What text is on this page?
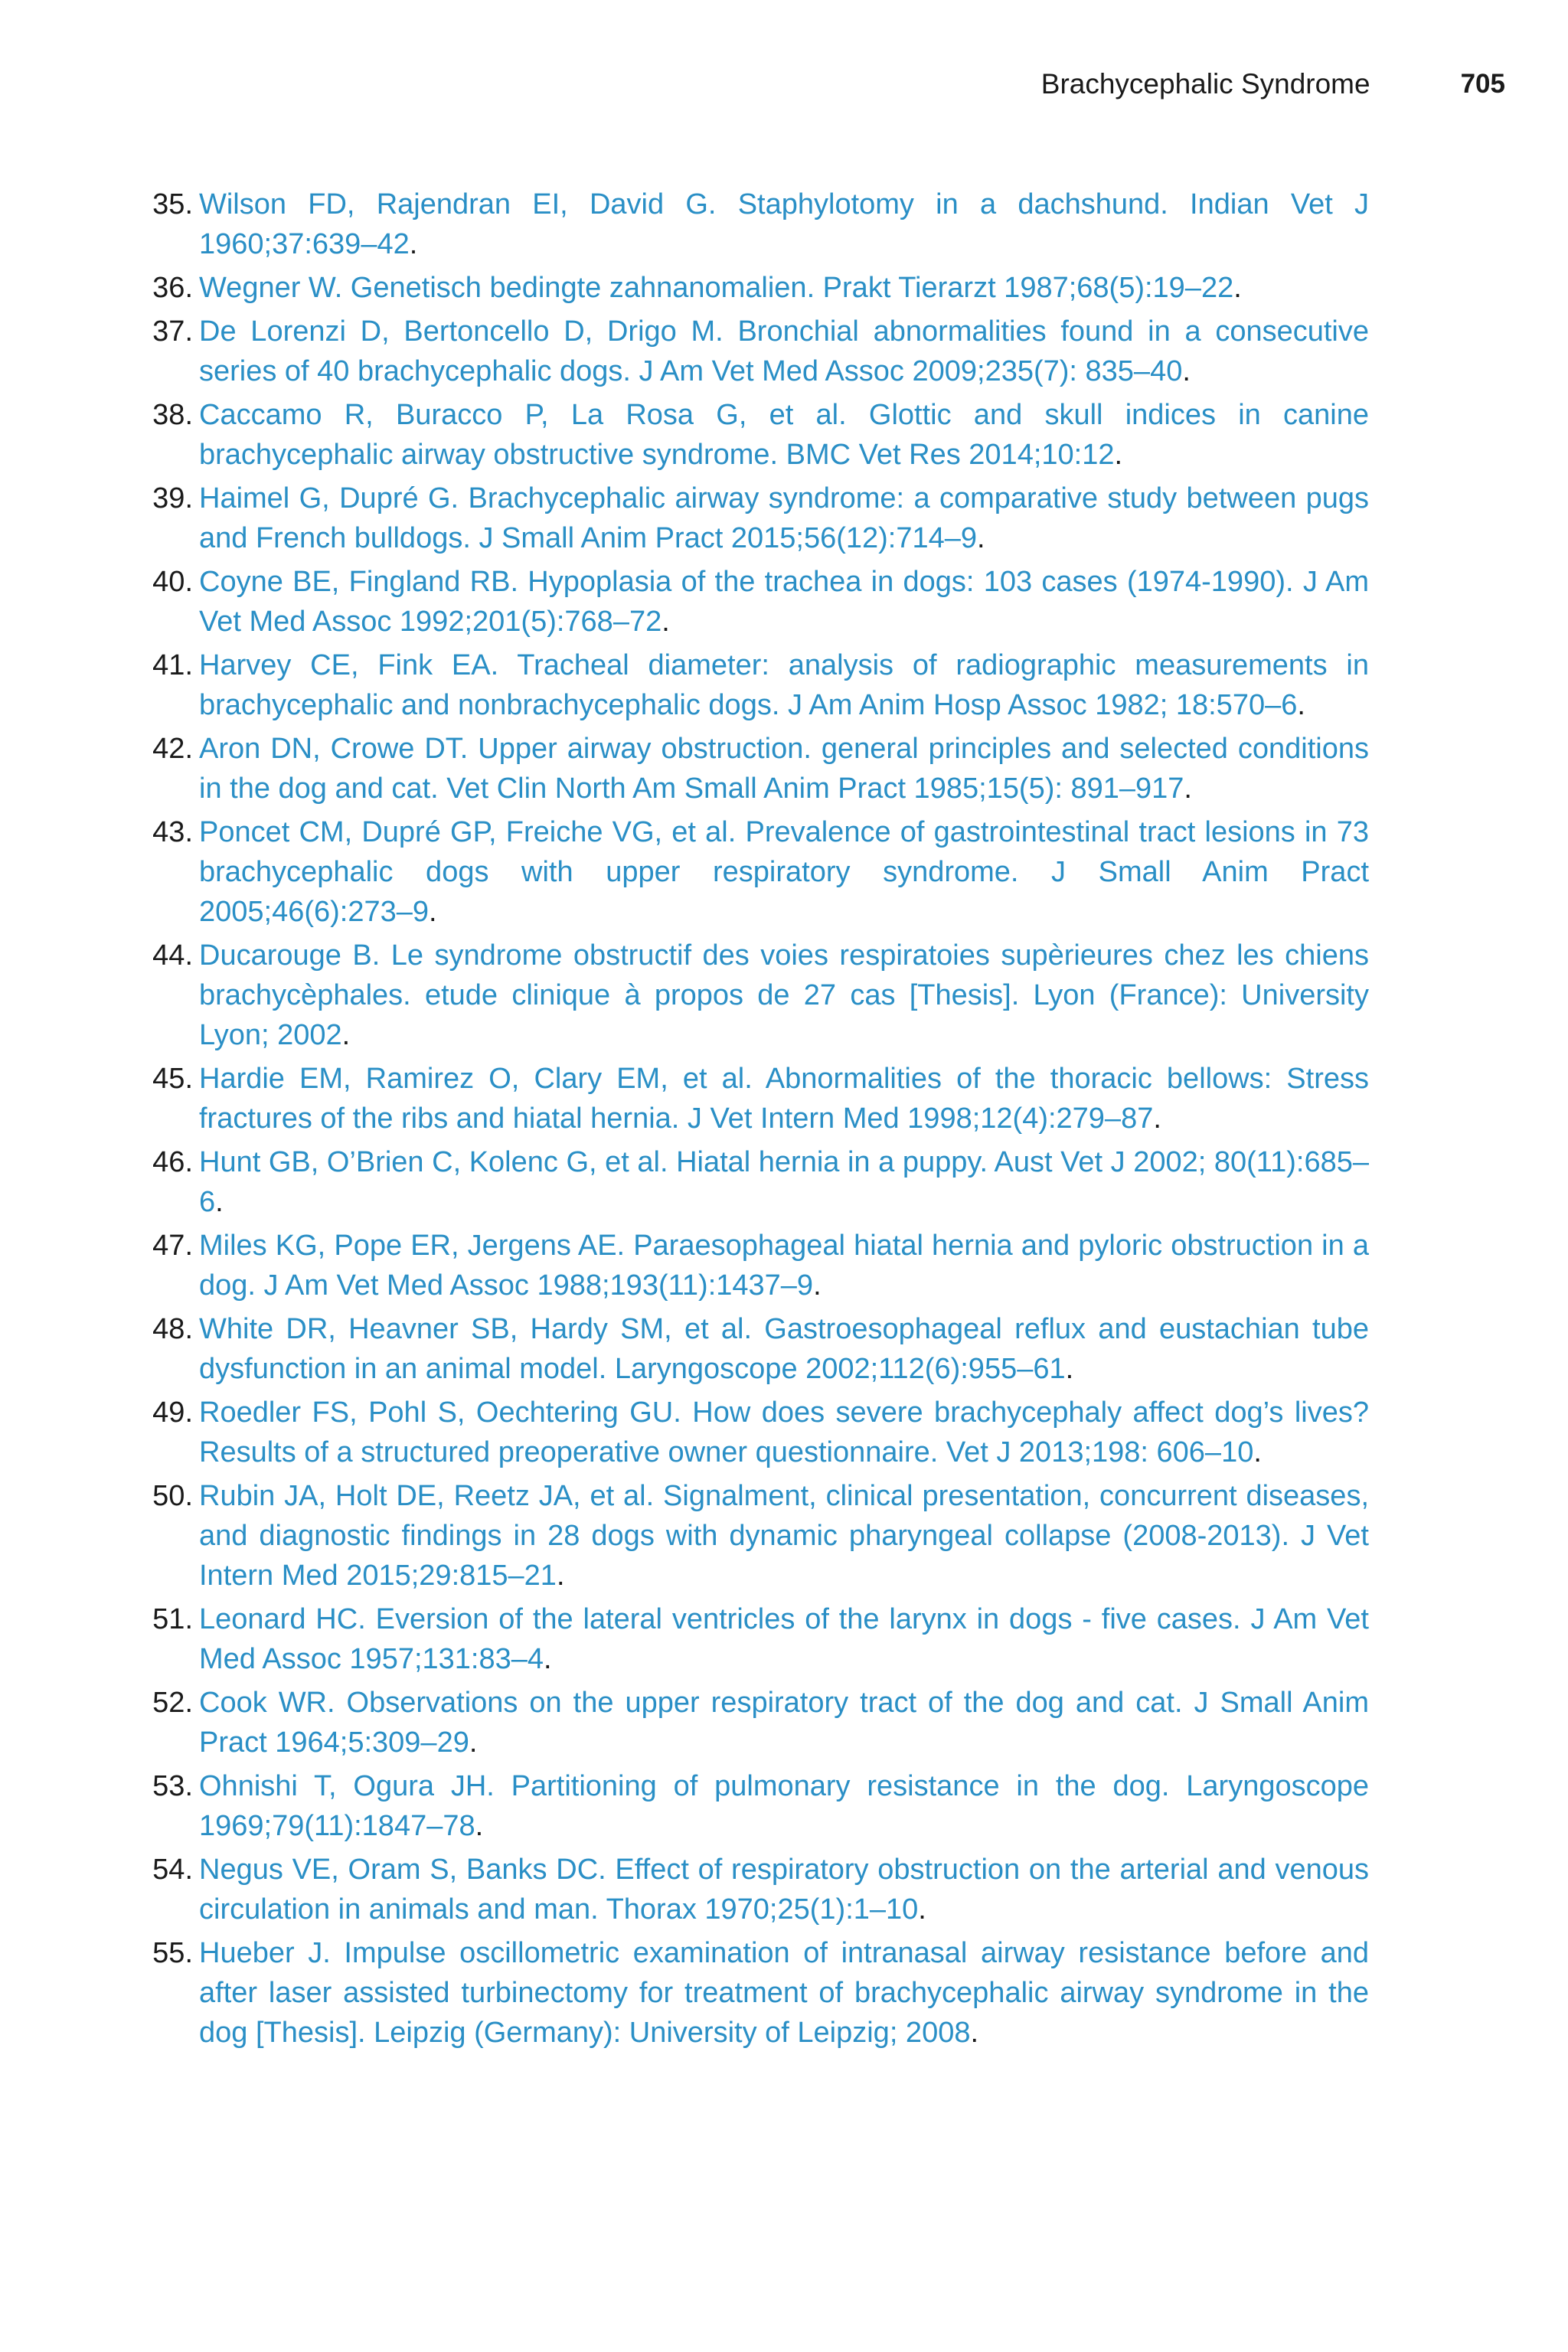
Brachycephalic Syndrome	705
35. Wilson FD, Rajendran EI, David G. Staphylotomy in a dachshund. Indian Vet J 1960;37:639–42.
36. Wegner W. Genetisch bedingte zahnanomalien. Prakt Tierarzt 1987;68(5):19–22.
37. De Lorenzi D, Bertoncello D, Drigo M. Bronchial abnormalities found in a consecutive series of 40 brachycephalic dogs. J Am Vet Med Assoc 2009;235(7): 835–40.
38. Caccamo R, Buracco P, La Rosa G, et al. Glottic and skull indices in canine brachycephalic airway obstructive syndrome. BMC Vet Res 2014;10:12.
39. Haimel G, Dupré G. Brachycephalic airway syndrome: a comparative study between pugs and French bulldogs. J Small Anim Pract 2015;56(12):714–9.
40. Coyne BE, Fingland RB. Hypoplasia of the trachea in dogs: 103 cases (1974-1990). J Am Vet Med Assoc 1992;201(5):768–72.
41. Harvey CE, Fink EA. Tracheal diameter: analysis of radiographic measurements in brachycephalic and nonbrachycephalic dogs. J Am Anim Hosp Assoc 1982; 18:570–6.
42. Aron DN, Crowe DT. Upper airway obstruction. general principles and selected conditions in the dog and cat. Vet Clin North Am Small Anim Pract 1985;15(5): 891–917.
43. Poncet CM, Dupré GP, Freiche VG, et al. Prevalence of gastrointestinal tract lesions in 73 brachycephalic dogs with upper respiratory syndrome. J Small Anim Pract 2005;46(6):273–9.
44. Ducarouge B. Le syndrome obstructif des voies respiratoies supèrieures chez les chiens brachycèphales. etude clinique à propos de 27 cas [Thesis]. Lyon (France): University Lyon; 2002.
45. Hardie EM, Ramirez O, Clary EM, et al. Abnormalities of the thoracic bellows: Stress fractures of the ribs and hiatal hernia. J Vet Intern Med 1998;12(4):279–87.
46. Hunt GB, O’Brien C, Kolenc G, et al. Hiatal hernia in a puppy. Aust Vet J 2002; 80(11):685–6.
47. Miles KG, Pope ER, Jergens AE. Paraesophageal hiatal hernia and pyloric obstruction in a dog. J Am Vet Med Assoc 1988;193(11):1437–9.
48. White DR, Heavner SB, Hardy SM, et al. Gastroesophageal reflux and eustachian tube dysfunction in an animal model. Laryngoscope 2002;112(6):955–61.
49. Roedler FS, Pohl S, Oechtering GU. How does severe brachycephaly affect dog’s lives? Results of a structured preoperative owner questionnaire. Vet J 2013;198: 606–10.
50. Rubin JA, Holt DE, Reetz JA, et al. Signalment, clinical presentation, concurrent diseases, and diagnostic findings in 28 dogs with dynamic pharyngeal collapse (2008-2013). J Vet Intern Med 2015;29:815–21.
51. Leonard HC. Eversion of the lateral ventricles of the larynx in dogs - five cases. J Am Vet Med Assoc 1957;131:83–4.
52. Cook WR. Observations on the upper respiratory tract of the dog and cat. J Small Anim Pract 1964;5:309–29.
53. Ohnishi T, Ogura JH. Partitioning of pulmonary resistance in the dog. Laryngoscope 1969;79(11):1847–78.
54. Negus VE, Oram S, Banks DC. Effect of respiratory obstruction on the arterial and venous circulation in animals and man. Thorax 1970;25(1):1–10.
55. Hueber J. Impulse oscillometric examination of intranasal airway resistance before and after laser assisted turbinectomy for treatment of brachycephalic airway syndrome in the dog [Thesis]. Leipzig (Germany): University of Leipzig; 2008.
